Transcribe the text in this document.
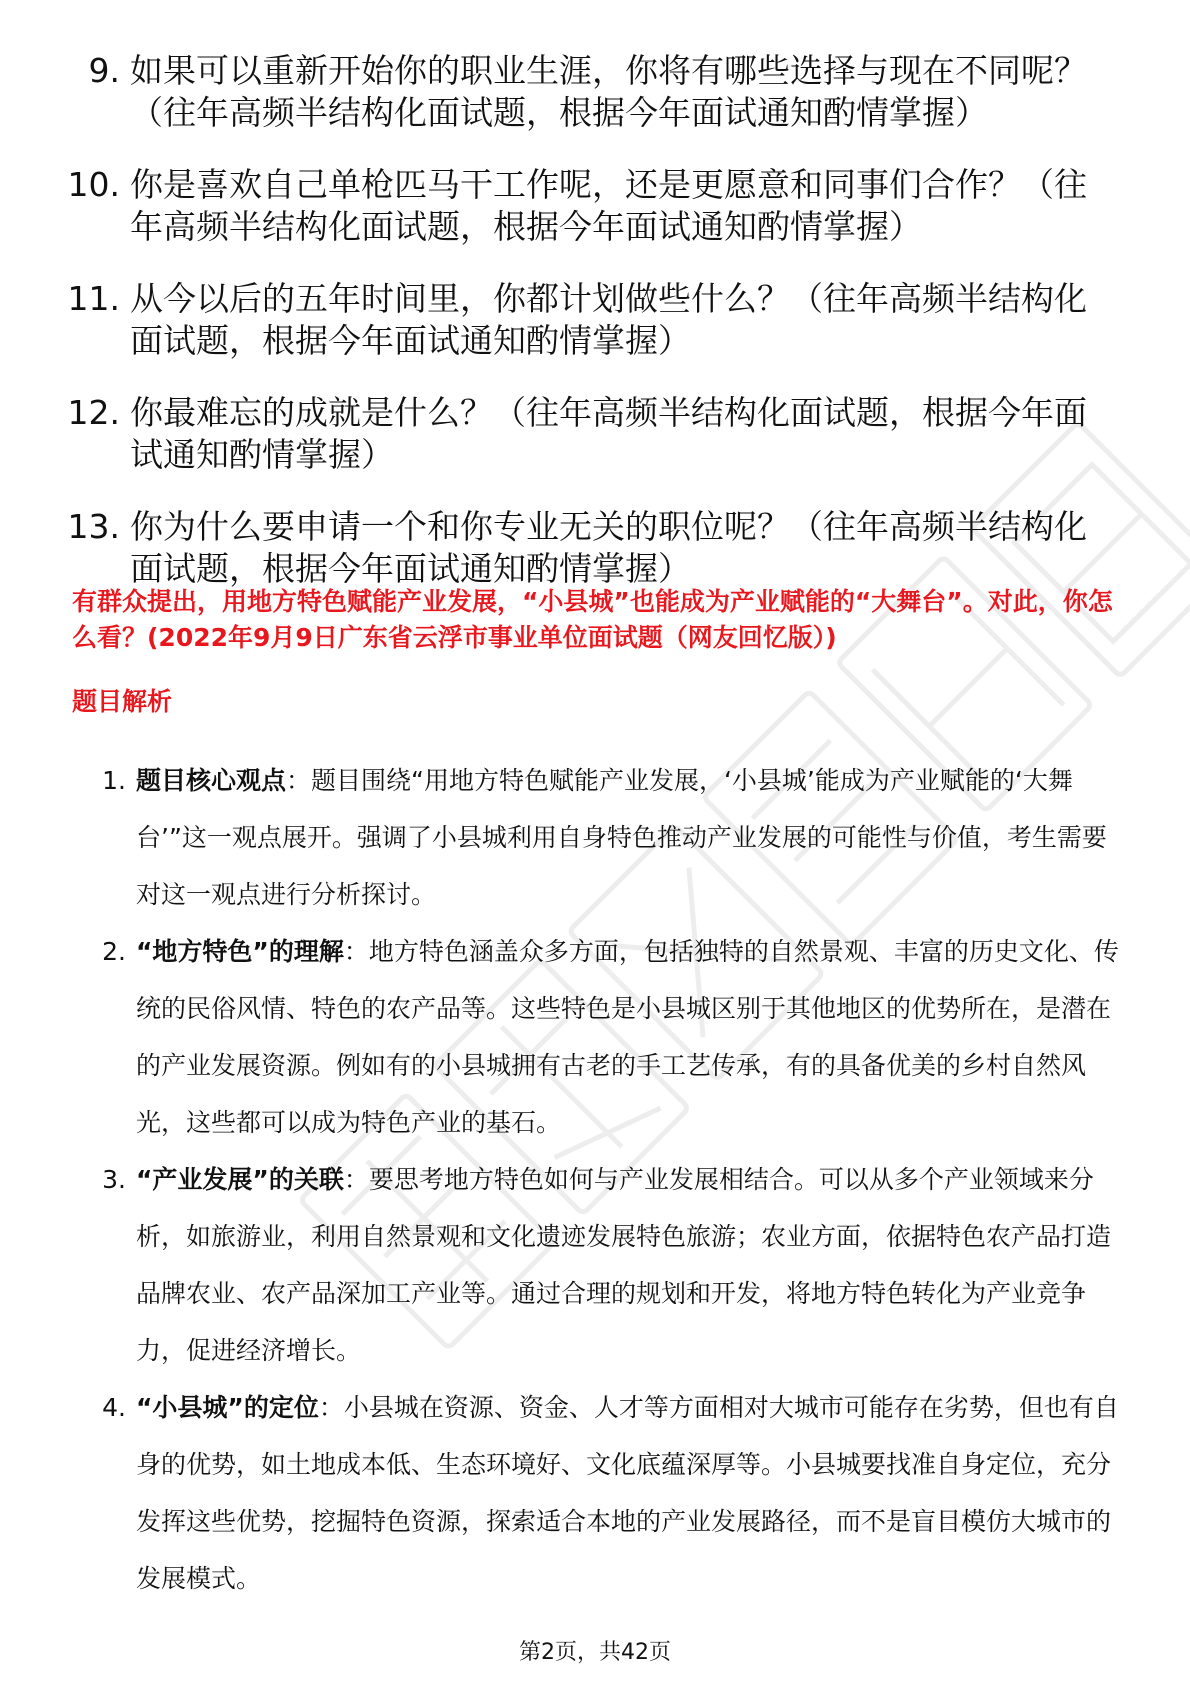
9. 如果可以重新开始你的职业生涯，你将有哪些选择与现在不同呢？（往年高频半结构化面试题，根据今年面试通知酌情掌握）
10. 你是喜欢自己单枪匹马干工作呢，还是更愿意和同事们合作？（往年高频半结构化面试题，根据今年面试通知酌情掌握）
11. 从今以后的五年时间里，你都计划做些什么？（往年高频半结构化面试题，根据今年面试通知酌情掌握）
12. 你最难忘的成就是什么？（往年高频半结构化面试题，根据今年面试通知酌情掌握）
13. 你为什么要申请一个和你专业无关的职位呢？（往年高频半结构化面试题，根据今年面试通知酌情掌握）
有群众提出，用地方特色赋能产业发展，“小县城”也能成为产业赋能的“大舞台”。对此，你怎么看？(2022年9月9日广东省云浮市事业单位面试题（网友回忆版）)
题目解析
1. 题目核心观点：题目围绕“用地方特色赋能产业发展，‘小县城’能成为产业赋能的‘大舞台’”这一观点展开。强调了小县城利用自身特色推动产业发展的可能性与价值，考生需要对这一观点进行分析探讨。
2. “地方特色”的理解：地方特色涵盖众多方面，包括独特的自然景观、丰富的历史文化、传统的民俗风情、特色的农产品等。这些特色是小县城区别于其他地区的优势所在，是潜在的产业发展资源。例如有的小县城拥有古老的手工艺传承，有的具备优美的乡村自然风光，这些都可以成为特色产业的基石。
3. “产业发展”的关联：要思考地方特色如何与产业发展相结合。可以从多个产业领域来分析，如旅游业，利用自然景观和文化遗迹发展特色旅游；农业方面，依据特色农产品打造品牌农业、农产品深加工产业等。通过合理的规划和开发，将地方特色转化为产业竞争力，促进经济增长。
4. “小县城”的定位：小县城在资源、资金、人才等方面相对大城市可能存在劣势，但也有自身的优势，如土地成本低、生态环境好、文化底蕴深厚等。小县城要找准自身定位，充分发挥这些优势，挖掘特色资源，探索适合本地的产业发展路径，而不是盲目模仿大城市的发展模式。
第2页，共42页
